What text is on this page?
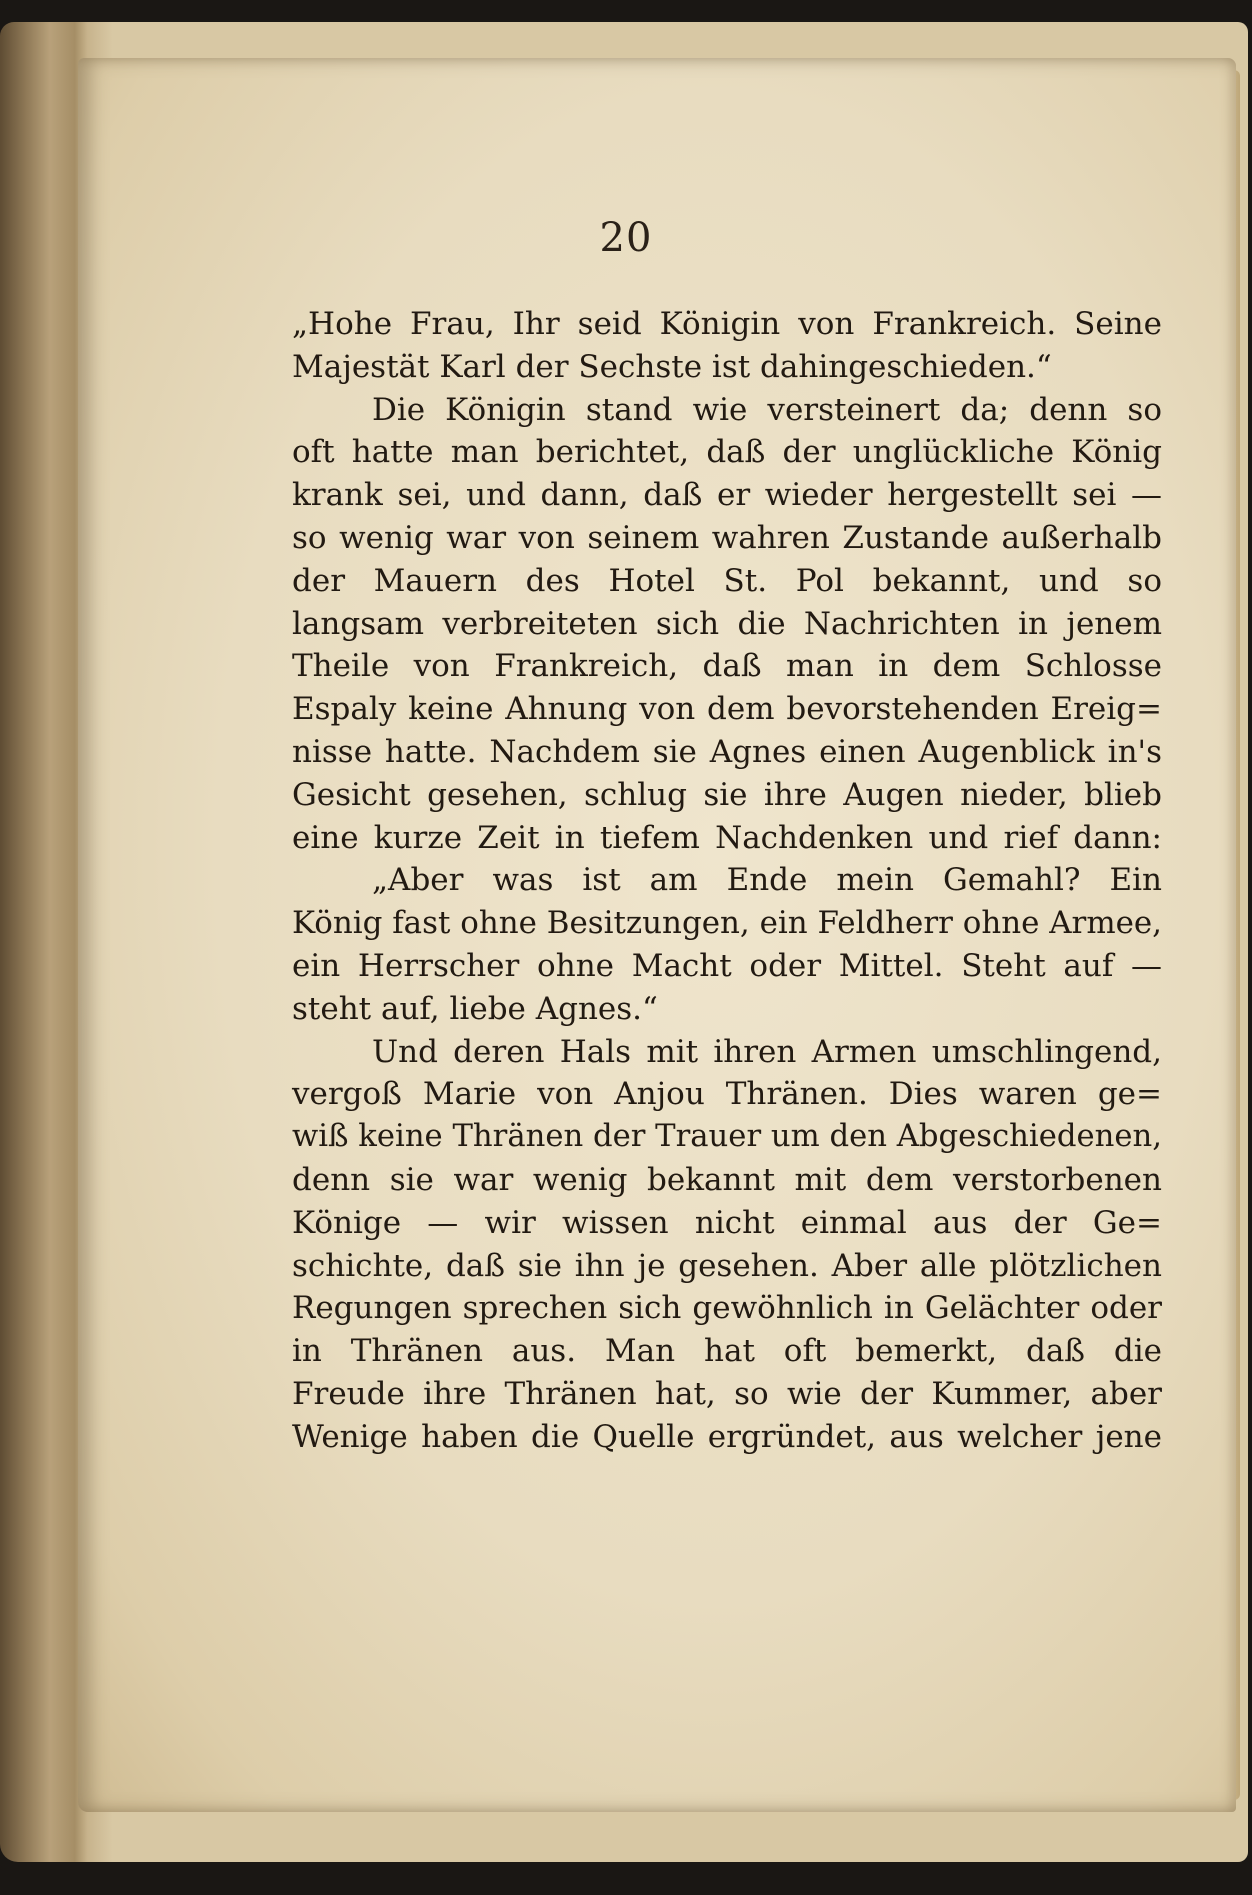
20
„Hohe Frau, Ihr seid Königin von Frankreich. Seine
Majestät Karl der Sechste ist dahingeschieden.“
Die Königin stand wie versteinert da; denn so
oft hatte man berichtet, daß der unglückliche König
krank sei, und dann, daß er wieder hergestellt sei —
so wenig war von seinem wahren Zustande außerhalb
der Mauern des Hotel St. Pol bekannt, und so
langsam verbreiteten sich die Nachrichten in jenem
Theile von Frankreich, daß man in dem Schlosse
Espaly keine Ahnung von dem bevorstehenden Ereig=
nisse hatte. Nachdem sie Agnes einen Augenblick in's
Gesicht gesehen, schlug sie ihre Augen nieder, blieb
eine kurze Zeit in tiefem Nachdenken und rief dann:
„Aber was ist am Ende mein Gemahl? Ein
König fast ohne Besitzungen, ein Feldherr ohne Armee,
ein Herrscher ohne Macht oder Mittel. Steht auf —
steht auf, liebe Agnes.“
Und deren Hals mit ihren Armen umschlingend,
vergoß Marie von Anjou Thränen. Dies waren ge=
wiß keine Thränen der Trauer um den Abgeschiedenen,
denn sie war wenig bekannt mit dem verstorbenen
Könige — wir wissen nicht einmal aus der Ge=
schichte, daß sie ihn je gesehen. Aber alle plötzlichen
Regungen sprechen sich gewöhnlich in Gelächter oder
in Thränen aus. Man hat oft bemerkt, daß die
Freude ihre Thränen hat, so wie der Kummer, aber
Wenige haben die Quelle ergründet, aus welcher jene
